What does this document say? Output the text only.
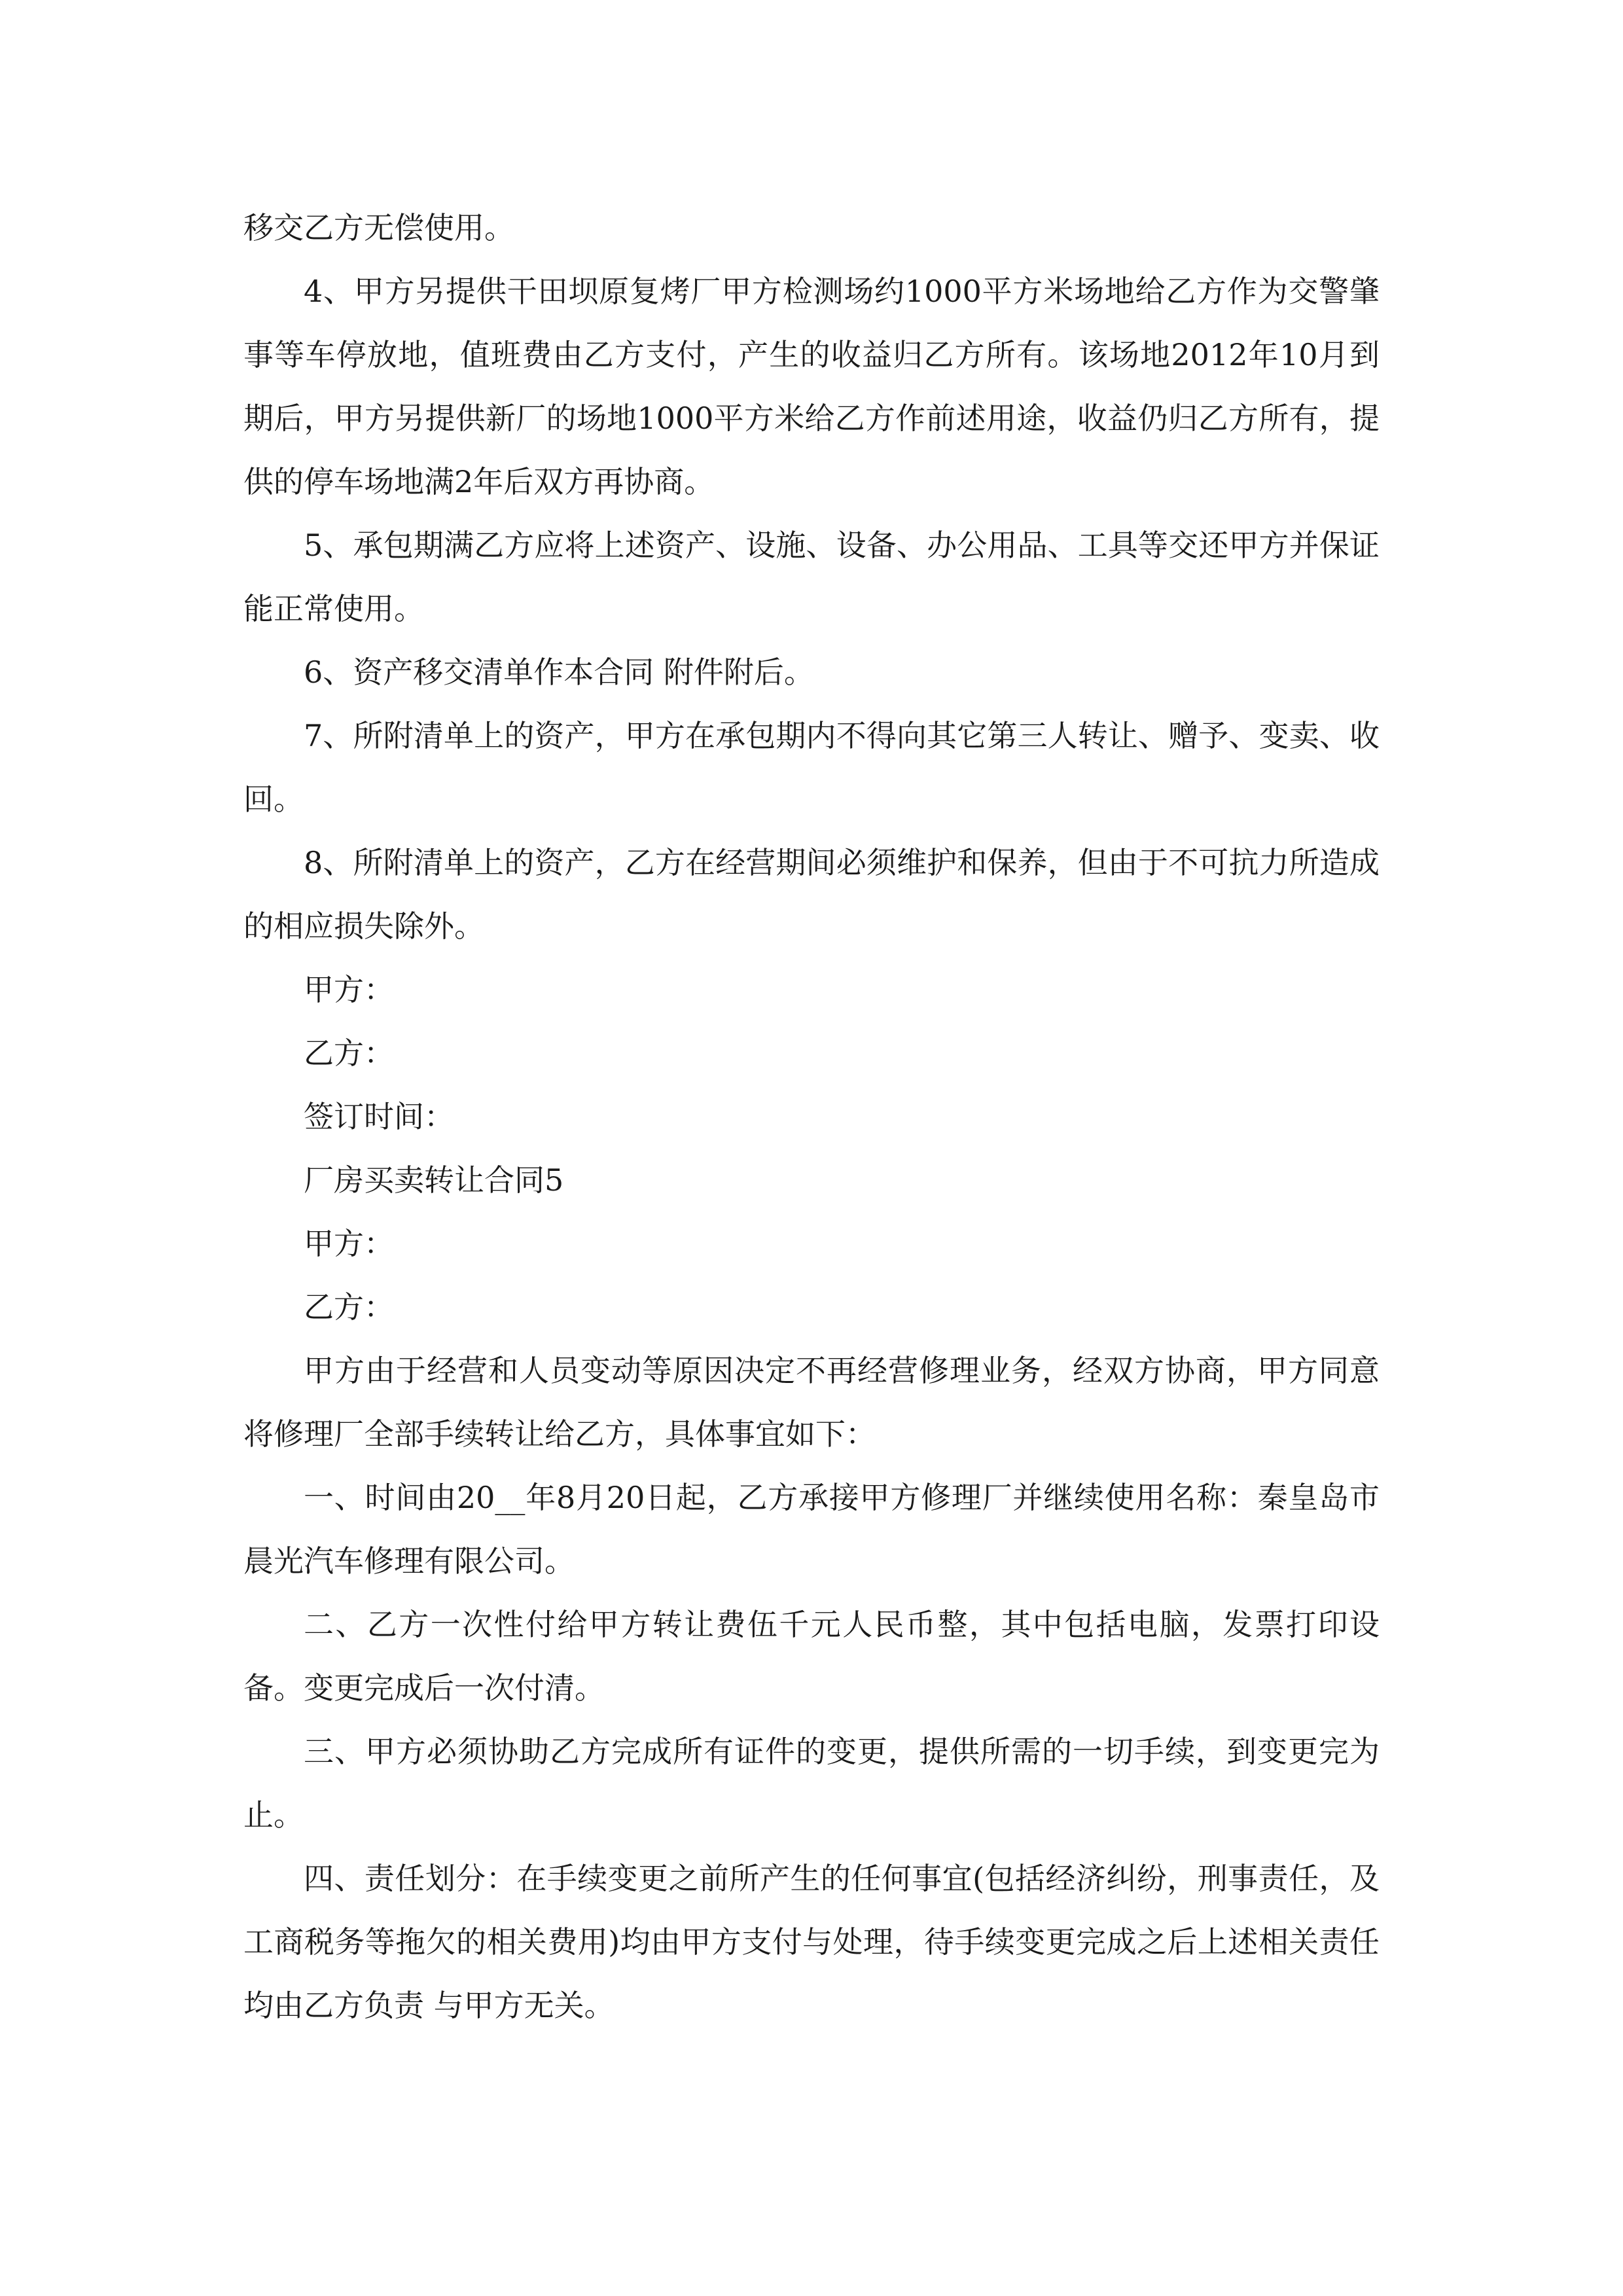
移交乙方无偿使用。

4、甲方另提供干田坝原复烤厂甲方检测场约1000平方米场地给乙方作为交警肇事等车停放地，值班费由乙方支付，产生的收益归乙方所有。该场地2012年10月到期后，甲方另提供新厂的场地1000平方米给乙方作前述用途，收益仍归乙方所有，提供的停车场地满2年后双方再协商。

5、承包期满乙方应将上述资产、设施、设备、办公用品、工具等交还甲方并保证能正常使用。

6、资产移交清单作本合同 附件附后。

7、所附清单上的资产，甲方在承包期内不得向其它第三人转让、赠予、变卖、收回。

8、所附清单上的资产，乙方在经营期间必须维护和保养，但由于不可抗力所造成的相应损失除外。

甲方：

乙方：

签订时间：

厂房买卖转让合同5

甲方：

乙方：

甲方由于经营和人员变动等原因决定不再经营修理业务，经双方协商，甲方同意将修理厂全部手续转让给乙方，具体事宜如下：

一、时间由20__年8月20日起，乙方承接甲方修理厂并继续使用名称：秦皇岛市晨光汽车修理有限公司。

二、乙方一次性付给甲方转让费伍千元人民币整，其中包括电脑，发票打印设备。变更完成后一次付清。

三、甲方必须协助乙方完成所有证件的变更，提供所需的一切手续，到变更完为止。

四、责任划分：在手续变更之前所产生的任何事宜(包括经济纠纷，刑事责任，及工商税务等拖欠的相关费用)均由甲方支付与处理，待手续变更完成之后上述相关责任均由乙方负责 与甲方无关。
